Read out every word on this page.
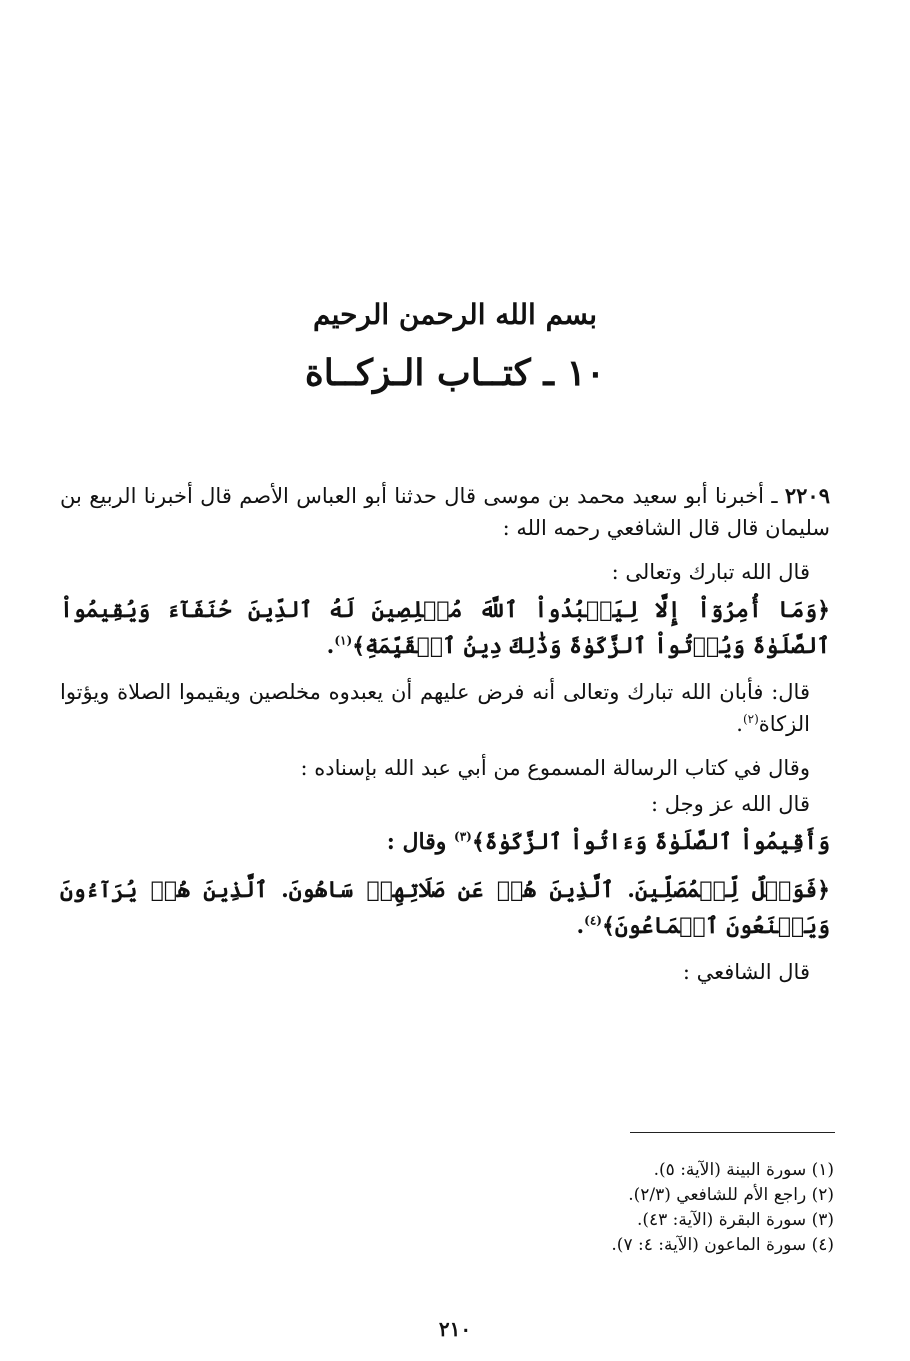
بسم الله الرحمن الرحيم
١٠ ـ كتــاب الـزكــاة

٢٢٠٩ ـ أخبرنا أبو سعيد محمد بن موسى قال حدثنا أبو العباس الأصم قال أخبرنا الربيع بن سليمان قال قال الشافعي رحمه الله :

قال الله تبارك وتعالى :

﴿وَمَا أُمِرُوٓاْ إِلَّا لِيَعۡبُدُواْ ٱللَّهَ مُخۡلِصِينَ لَهُ ٱلدِّينَ حُنَفَآءَ وَيُقِيمُواْ ٱلصَّلَوٰةَ وَيُؤۡتُواْ ٱلزَّكَوٰةَ وَذَٰلِكَ دِينُ ٱلۡقَيِّمَةِ﴾$^{(١)}$.

قال: فأبان الله تبارك وتعالى أنه فرض عليهم أن يعبدوه مخلصين ويقيموا الصلاة ويؤتوا الزكاة$^{(٢)}$.

وقال في كتاب الرسالة المسموع من أبي عبد الله بإسناده :

قال الله عز وجل :

وَأَقِيمُواْ ٱلصَّلَوٰةَ وَءَاتُواْ ٱلزَّكَوٰةَ﴾$^{(٣)}$ وقال :

﴿فَوَيۡلٌ لِّلۡمُصَلِّينَ. ٱلَّذِينَ هُمۡ عَن صَلَاتِهِمۡ سَاهُونَ. ٱلَّذِينَ هُمۡ يُرَآءُونَ وَيَمۡنَعُونَ ٱلۡمَاعُونَ﴾$^{(٤)}$.

قال الشافعي :

(١) سورة البينة (الآية: ٥).
(٢) راجع الأم للشافعي (٢/٣).
(٣) سورة البقرة (الآية: ٤٣).
(٤) سورة الماعون (الآية: ٤: ٧).
٢١٠
